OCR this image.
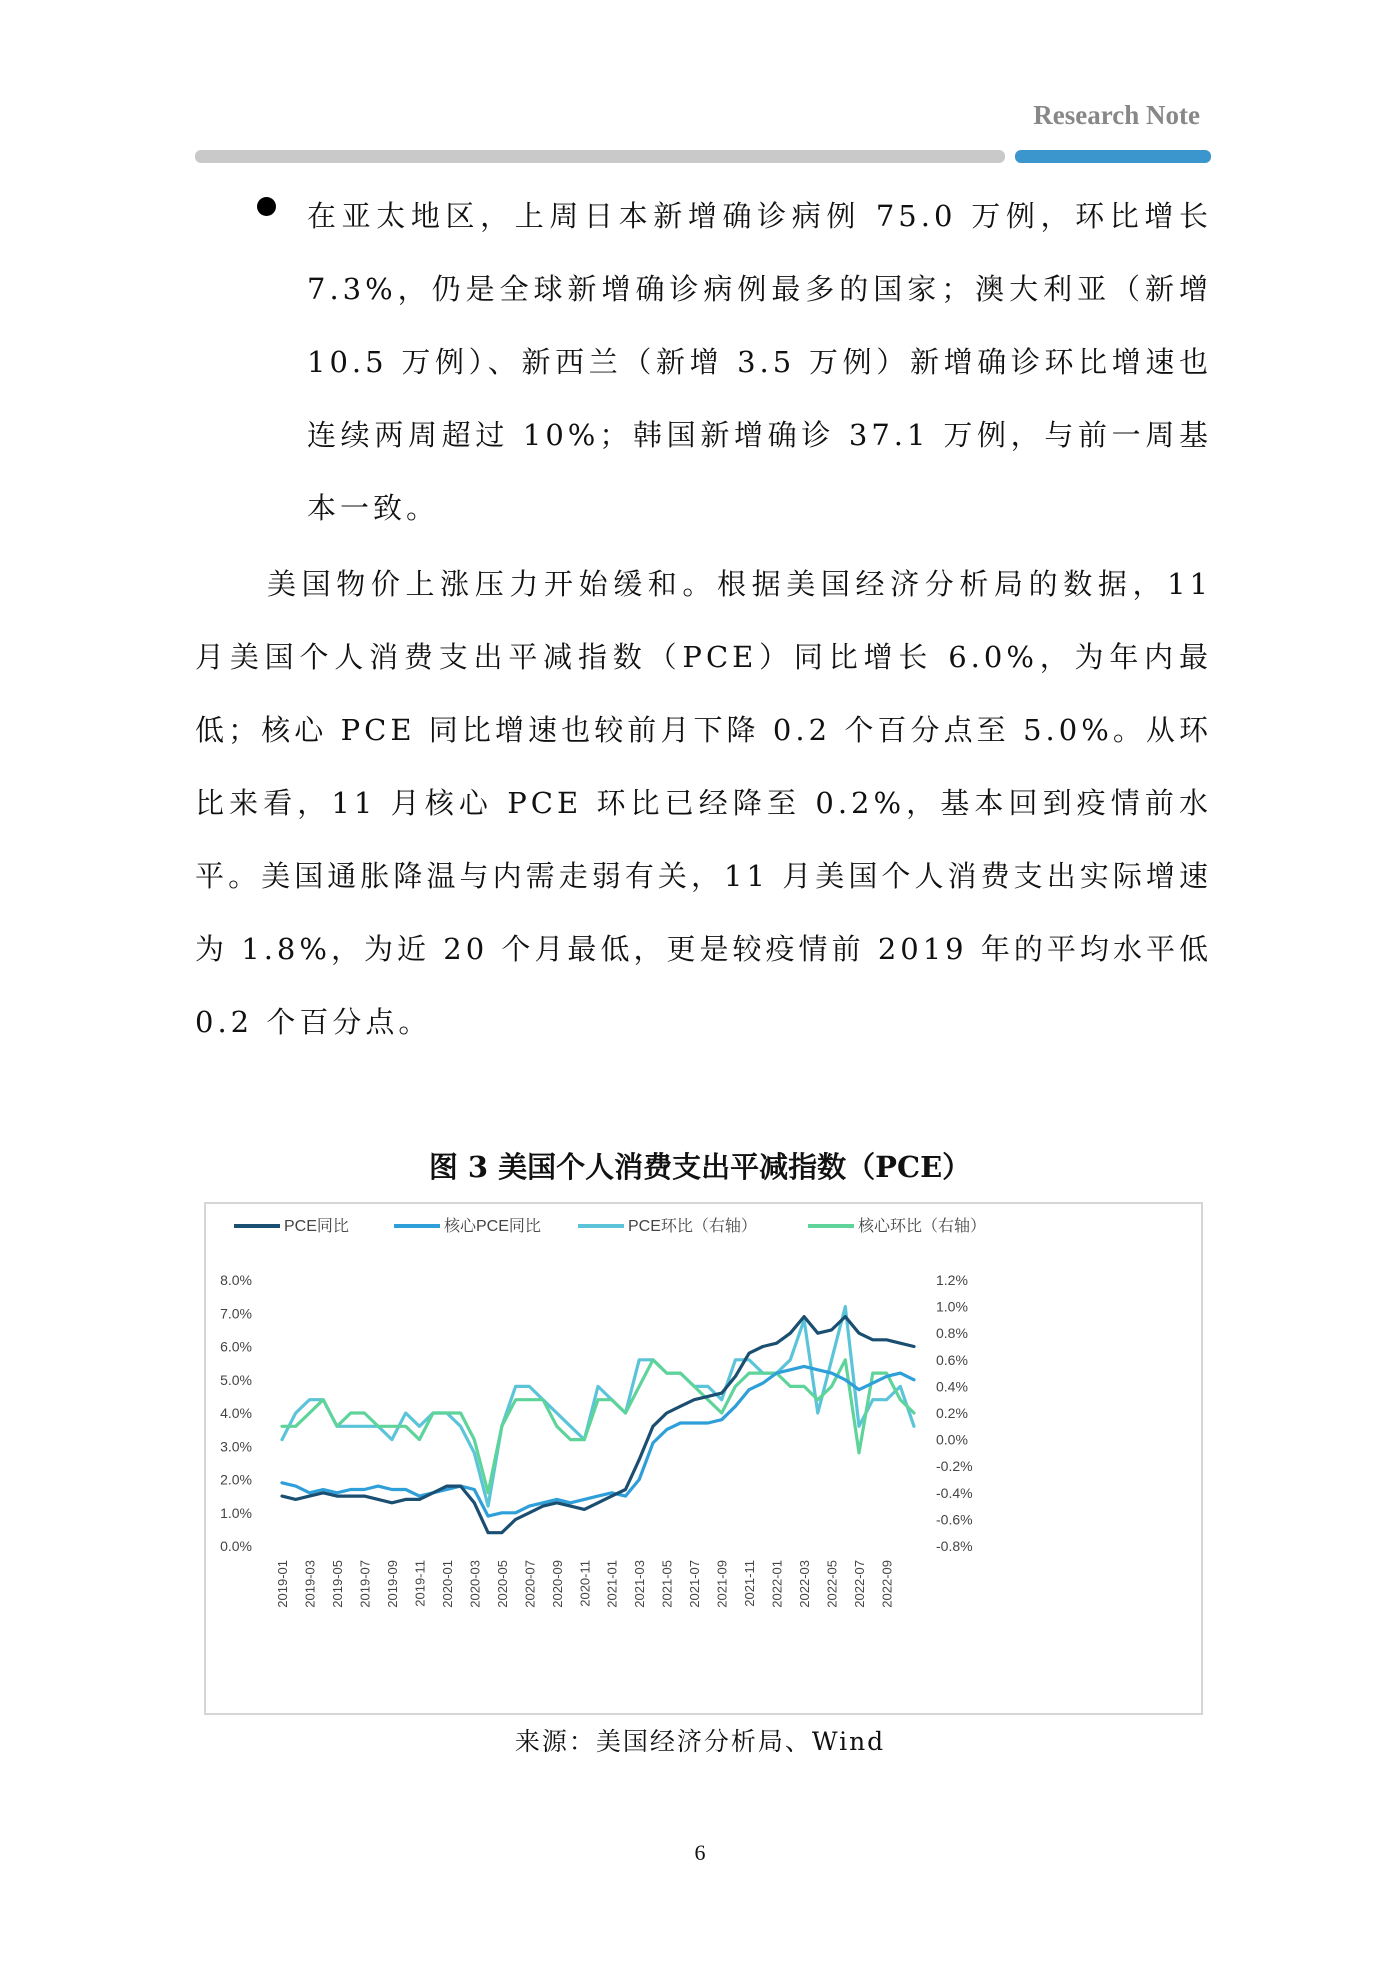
Research Note
在亚太地区，上周日本新增确诊病例 75.0 万例，环比增长 7.3%，仍是全球新增确诊病例最多的国家；澳大利亚（新增 10.5 万例）、新西兰（新增 3.5 万例）新增确诊环比增速也连续两周超过 10%；韩国新增确诊 37.1 万例，与前一周基本一致。
美国物价上涨压力开始缓和。根据美国经济分析局的数据，11 月美国个人消费支出平减指数（PCE）同比增长 6.0%，为年内最低；核心 PCE 同比增速也较前月下降 0.2 个百分点至 5.0%。从环比来看，11 月核心 PCE 环比已经降至 0.2%，基本回到疫情前水平。美国通胀降温与内需走弱有关，11 月美国个人消费支出实际增速为 1.8%，为近 20 个月最低，更是较疫情前 2019 年的平均水平低 0.2 个百分点。
图 3 美国个人消费支出平减指数（PCE）
PCE同比	核心PCE同比	PCE环比（右轴）	核心环比（右轴）
0.0%
1.0%
2.0%
3.0%
4.0%
5.0%
6.0%
7.0%
8.0%
-0.8%
-0.6%
-0.4%
-0.2%
0.0%
0.2%
0.4%
0.6%
0.8%
1.0%
1.2%
2019-01 2019-03 2019-05 2019-07 2019-09 2019-11 2020-01 2020-03 2020-05 2020-07 2020-09 2020-11 2021-01 2021-03 2021-05 2021-07 2021-09 2021-11 2022-01 2022-03 2022-05 2022-07 2022-09
来源：美国经济分析局、Wind
6
